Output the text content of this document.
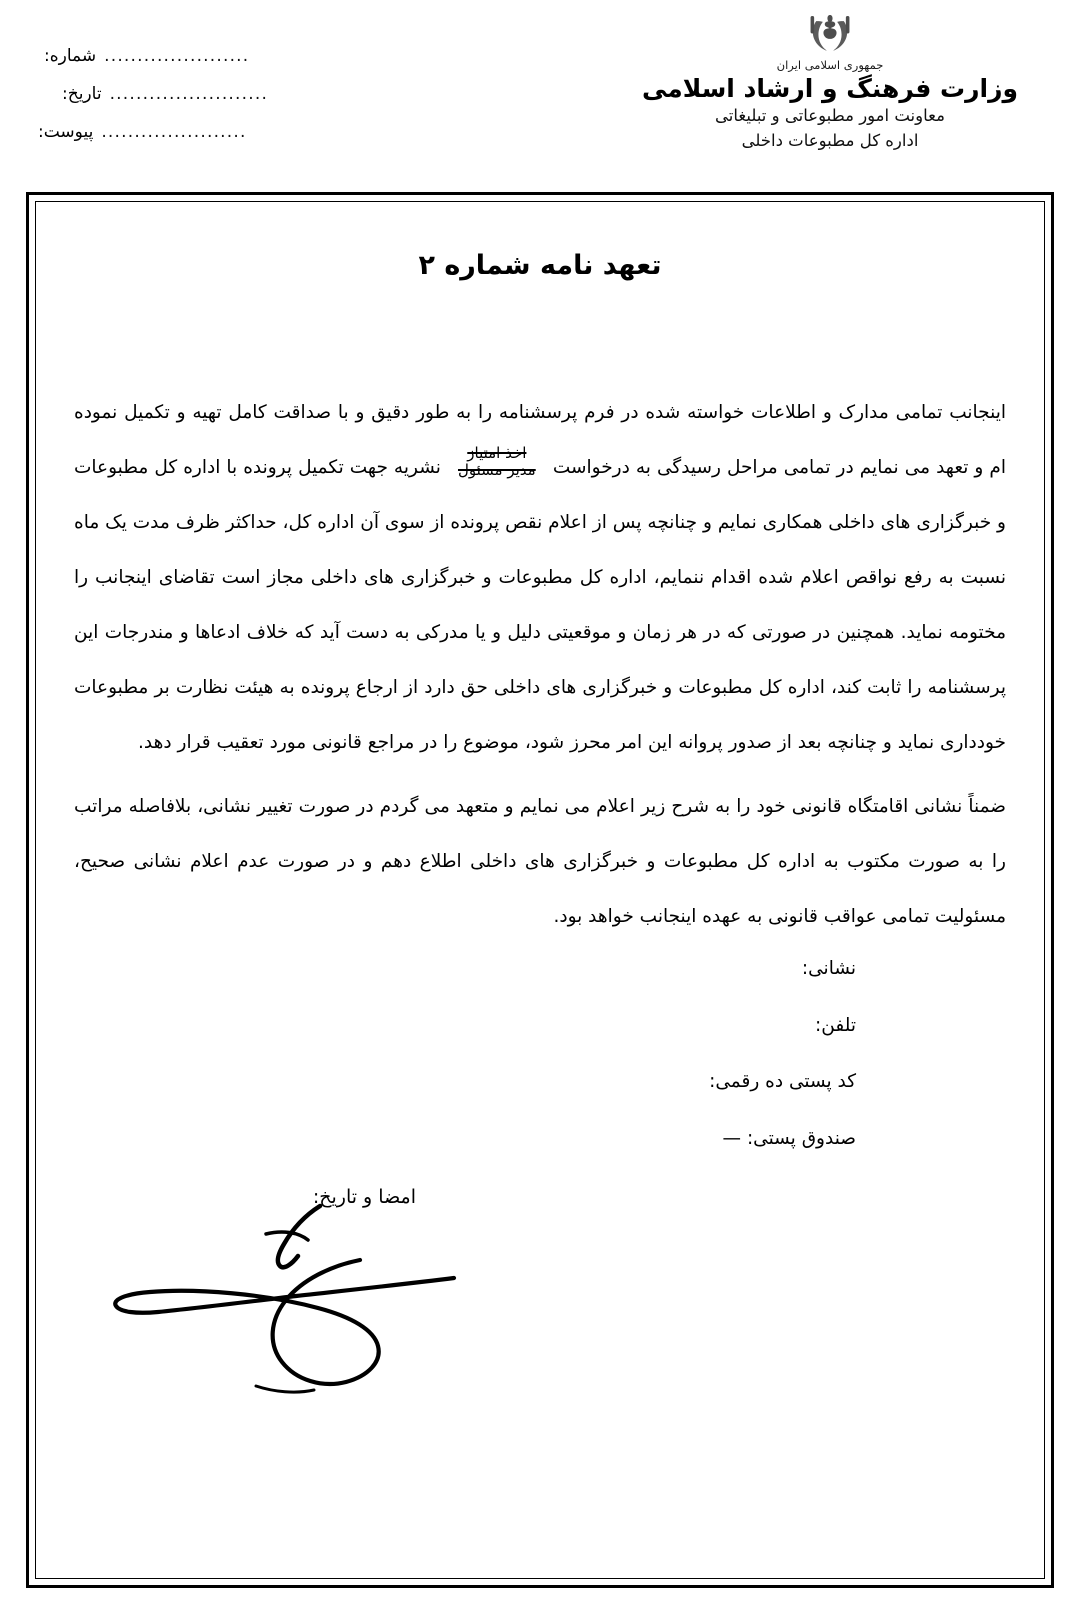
جمهوری اسلامی ایران
وزارت فرهنگ و ارشاد اسلامی
معاونت امور مطبوعاتی و تبلیغاتی
اداره کل مطبوعات داخلی
......................
شماره:
........................
تاریخ:
......................
پیوست:
تعهد نامه شماره ۲

اینجانب تمامی مدارک و اطلاعات خواسته شده در فرم پرسشنامه را به طور دقیق و با صداقت کامل تهیه و تکمیل نموده ام و تعهد می نمایم در تمامی مراحل رسیدگی به درخواست
اخذ امتیاز
مدیر مسئول
نشریه جهت تکمیل پرونده با اداره کل مطبوعات و خبرگزاری های داخلی همکاری نمایم و چنانچه پس از اعلام نقص پرونده از سوی آن اداره کل، حداکثر ظرف مدت یک ماه نسبت به رفع نواقص اعلام شده اقدام ننمایم، اداره کل مطبوعات و خبرگزاری های داخلی مجاز است تقاضای اینجانب را مختومه نماید. همچنین در صورتی که در هر زمان و موقعیتی دلیل و یا مدرکی به دست آید که خلاف ادعاها و مندرجات این پرسشنامه را ثابت کند، اداره کل مطبوعات و خبرگزاری های داخلی حق دارد از ارجاع پرونده به هیئت نظارت بر مطبوعات خودداری نماید و چنانچه بعد از صدور پروانه این امر محرز شود، موضوع را در مراجع قانونی مورد تعقیب قرار دهد.

ضمناً نشانی اقامتگاه قانونی خود را به شرح زیر اعلام می نمایم و متعهد می گردم در صورت تغییر نشانی، بلافاصله مراتب را به صورت مکتوب به اداره کل مطبوعات و خبرگزاری های داخلی اطلاع دهم و در صورت عدم اعلام نشانی صحیح، مسئولیت تمامی عواقب قانونی به عهده اینجانب خواهد بود.

نشانی:
تلفن:
کد پستی ده رقمی:
صندوق پستی: —
امضا و تاریخ:
